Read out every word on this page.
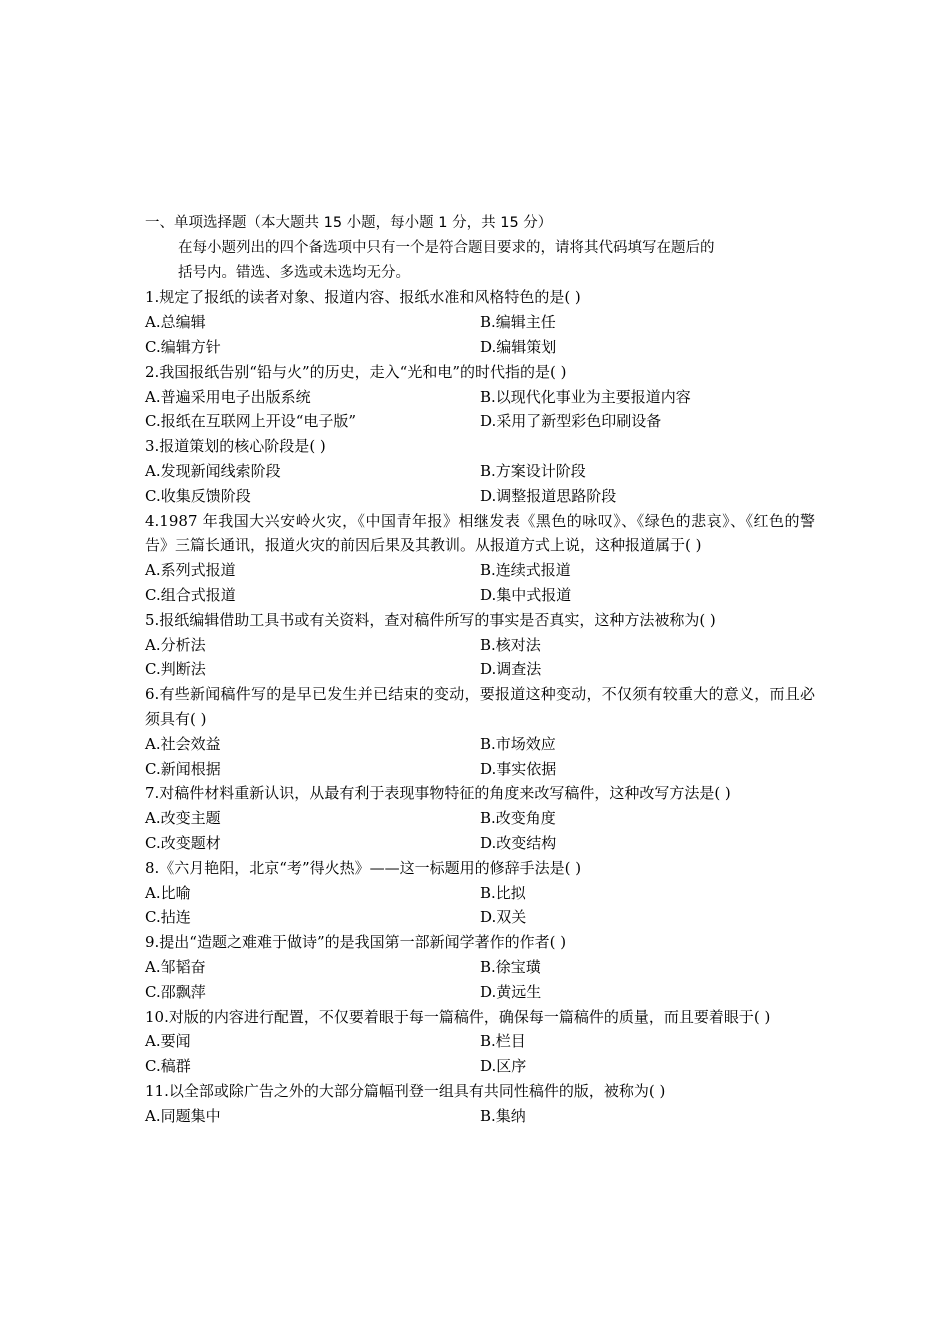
一、单项选择题（本大题共 15 小题，每小题 1 分，共 15 分）
在每小题列出的四个备选项中只有一个是符合题目要求的，请将其代码填写在题后的
括号内。错选、多选或未选均无分。
1.规定了报纸的读者对象、报道内容、报纸水准和风格特色的是( )
A.总编辑	B.编辑主任
C.编辑方针	D.编辑策划
2.我国报纸告别“铅与火”的历史，走入“光和电”的时代指的是( )
A.普遍采用电子出版系统	B.以现代化事业为主要报道内容
C.报纸在互联网上开设“电子版”	D.采用了新型彩色印刷设备
3.报道策划的核心阶段是( )
A.发现新闻线索阶段	B.方案设计阶段
C.收集反馈阶段	D.调整报道思路阶段
4.1987 年我国大兴安岭火灾，《中国青年报》相继发表《黑色的咏叹》、《绿色的悲哀》、《红色的警告》三篇长通讯，报道火灾的前因后果及其教训。从报道方式上说，这种报道属于( )
A.系列式报道	B.连续式报道
C.组合式报道	D.集中式报道
5.报纸编辑借助工具书或有关资料，查对稿件所写的事实是否真实，这种方法被称为( )
A.分析法	B.核对法
C.判断法	D.调查法
6.有些新闻稿件写的是早已发生并已结束的变动，要报道这种变动，不仅须有较重大的意义，而且必须具有( )
A.社会效益	B.市场效应
C.新闻根据	D.事实依据
7.对稿件材料重新认识，从最有利于表现事物特征的角度来改写稿件，这种改写方法是( )
A.改变主题	B.改变角度
C.改变题材	D.改变结构
8.《六月艳阳，北京“考”得火热》——这一标题用的修辞手法是( )
A.比喻	B.比拟
C.拈连	D.双关
9.提出“造题之难难于做诗”的是我国第一部新闻学著作的作者( )
A.邹韬奋	B.徐宝璜
C.邵飘萍	D.黄远生
10.对版的内容进行配置，不仅要着眼于每一篇稿件，确保每一篇稿件的质量，而且要着眼于( )
A.要闻	B.栏目
C.稿群	D.区序
11.以全部或除广告之外的大部分篇幅刊登一组具有共同性稿件的版，被称为( )
A.同题集中	B.集纳
